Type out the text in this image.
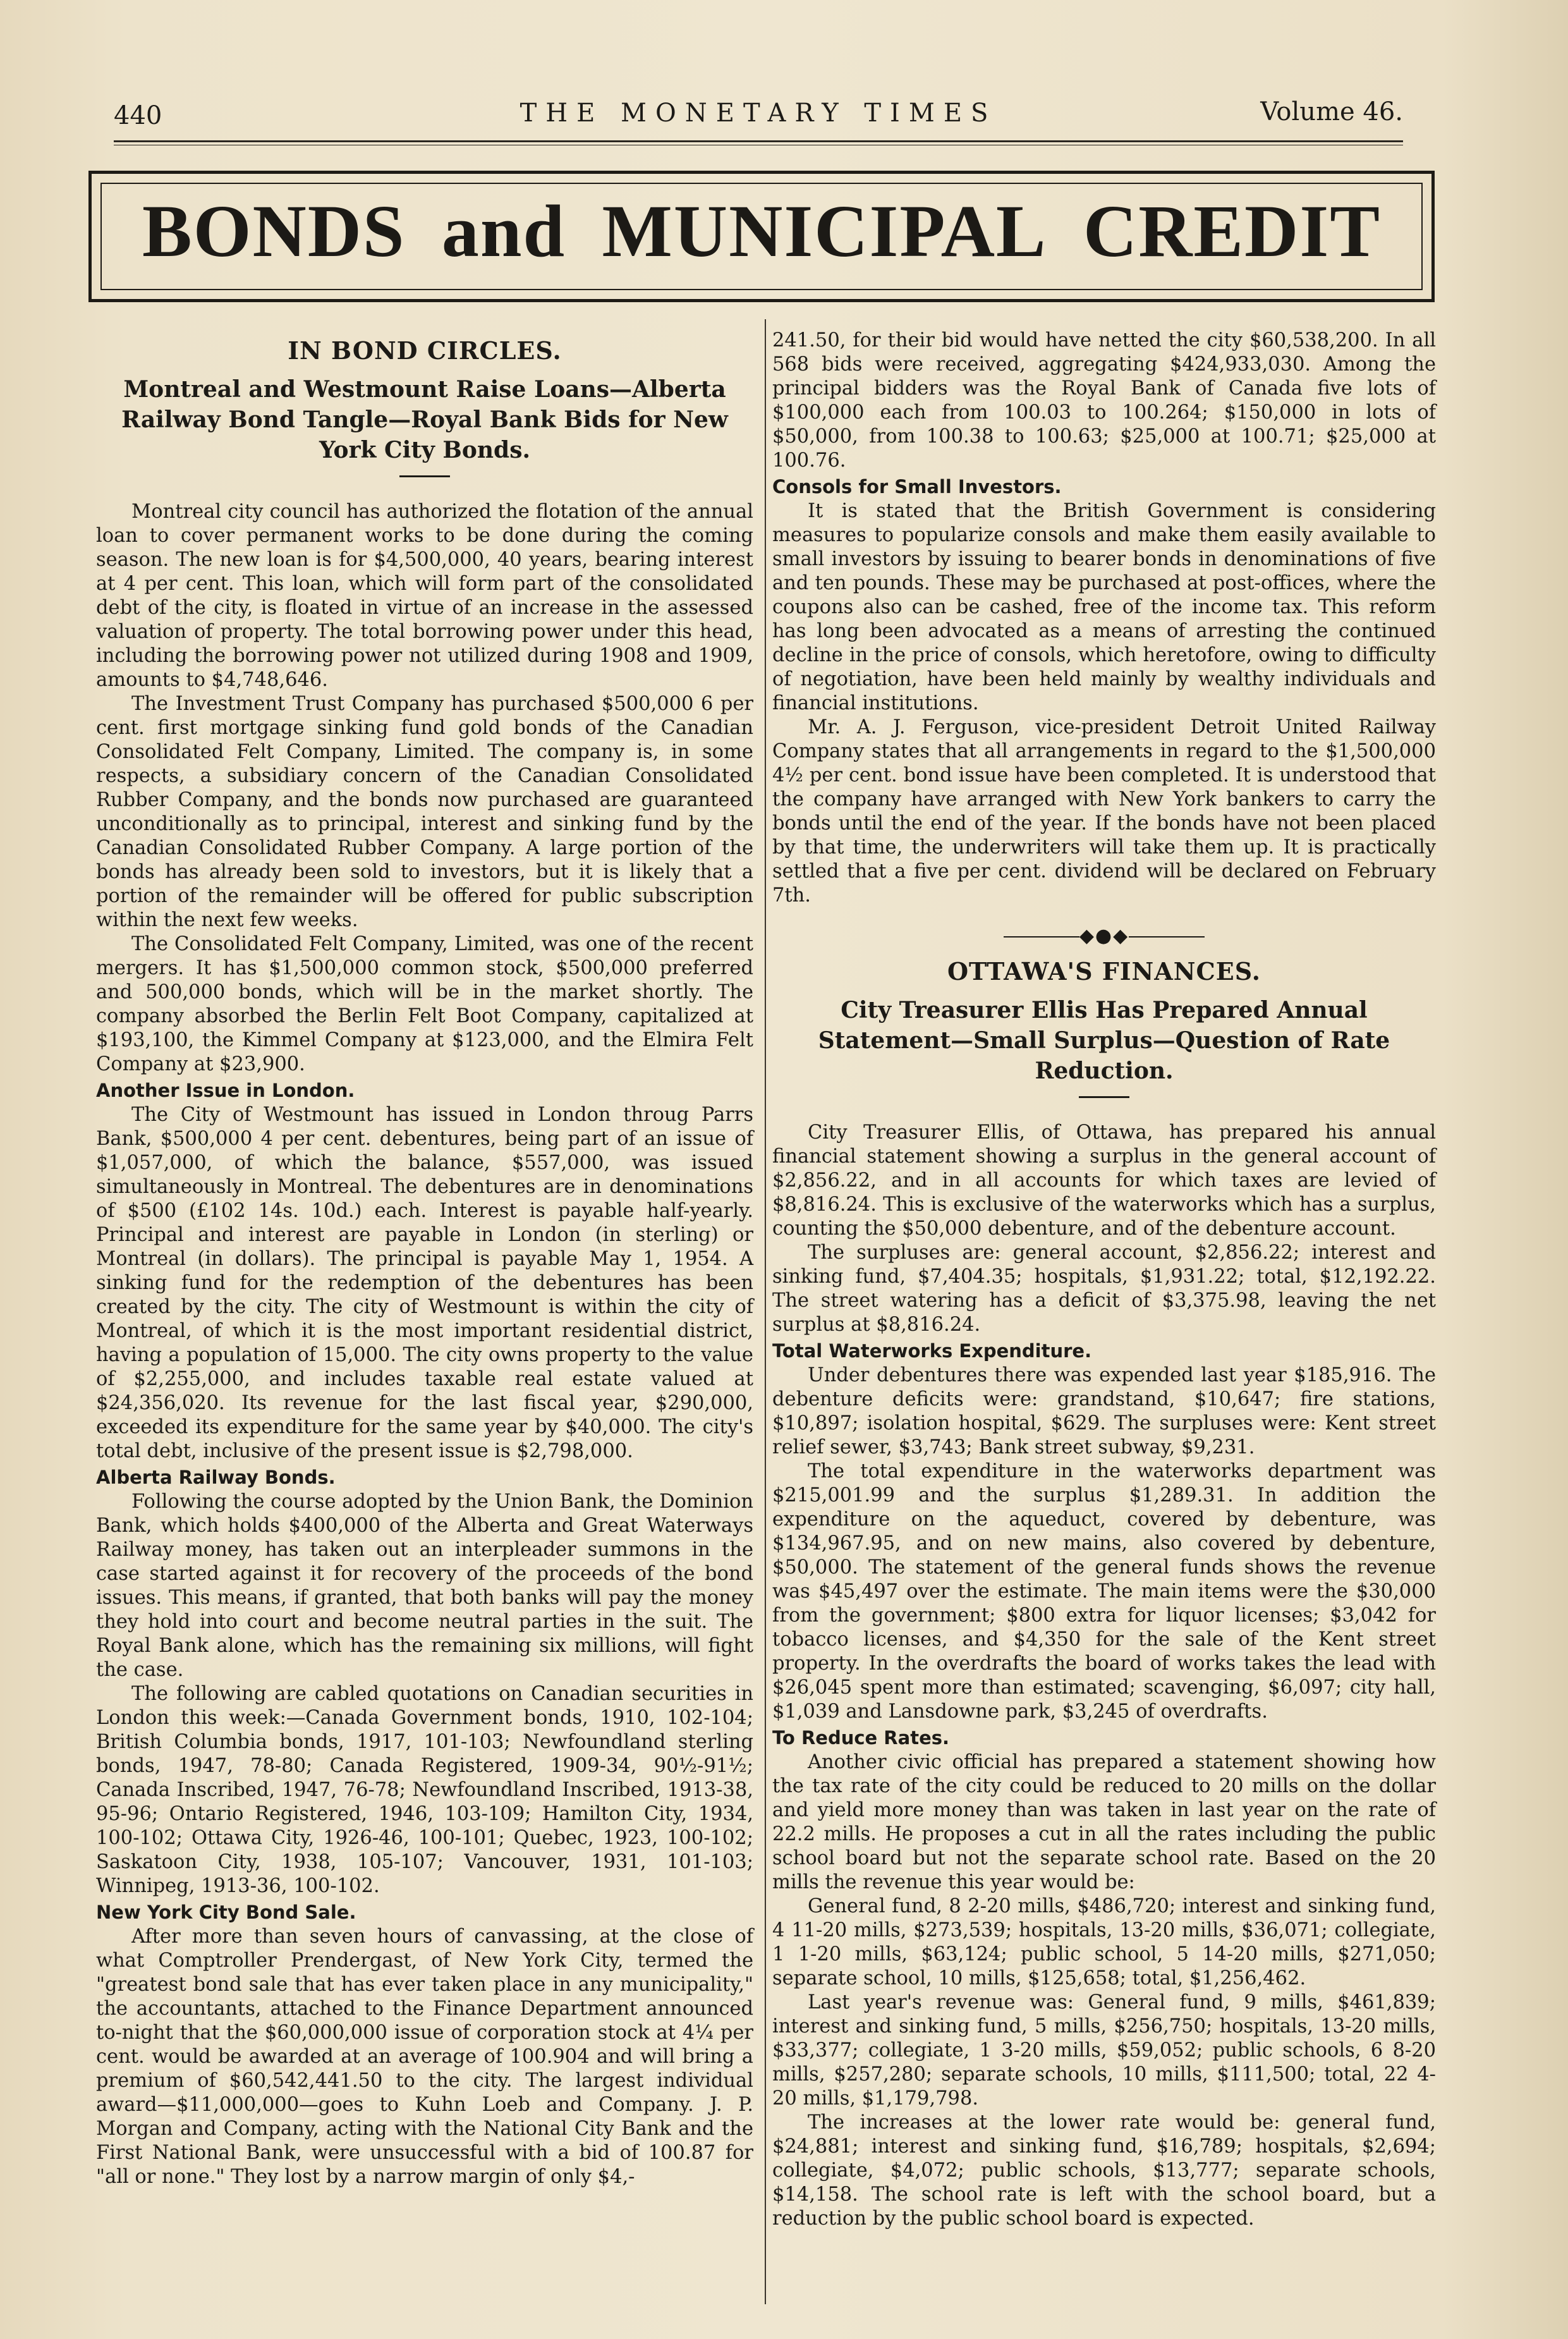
440	THE MONETARY TIMES	Volume 46.
BONDS and MUNICIPAL CREDIT
IN BOND CIRCLES.
Montreal and Westmount Raise Loans—Alberta Railway Bond Tangle—Royal Bank Bids for New York City Bonds.

Montreal city council has authorized the flotation of the annual loan to cover permanent works to be done during the coming season. The new loan is for $4,500,000, 40 years, bearing interest at 4 per cent. This loan, which will form part of the consolidated debt of the city, is floated in virtue of an increase in the assessed valuation of property. The total borrowing power under this head, including the borrowing power not utilized during 1908 and 1909, amounts to $4,748,646.

The Investment Trust Company has purchased $500,000 6 per cent. first mortgage sinking fund gold bonds of the Canadian Consolidated Felt Company, Limited. The company is, in some respects, a subsidiary concern of the Canadian Consolidated Rubber Company, and the bonds now purchased are guaranteed unconditionally as to principal, interest and sinking fund by the Canadian Consolidated Rubber Company. A large portion of the bonds has already been sold to investors, but it is likely that a portion of the remainder will be offered for public subscription within the next few weeks.

The Consolidated Felt Company, Limited, was one of the recent mergers. It has $1,500,000 common stock, $500,000 preferred and 500,000 bonds, which will be in the market shortly. The company absorbed the Berlin Felt Boot Company, capitalized at $193,100, the Kimmel Company at $123,000, and the Elmira Felt Company at $23,900.

Another Issue in London.

The City of Westmount has issued in London throug Parrs Bank, $500,000 4 per cent. debentures, being part of an issue of $1,057,000, of which the balance, $557,000, was issued simultaneously in Montreal. The debentures are in denominations of $500 (£102 14s. 10d.) each. Interest is payable half-yearly. Principal and interest are payable in London (in sterling) or Montreal (in dollars). The principal is payable May 1, 1954. A sinking fund for the redemption of the debentures has been created by the city. The city of Westmount is within the city of Montreal, of which it is the most important residential district, having a population of 15,000. The city owns property to the value of $2,255,000, and includes taxable real estate valued at $24,356,020. Its revenue for the last fiscal year, $290,000, exceeded its expenditure for the same year by $40,000. The city's total debt, inclusive of the present issue is $2,798,000.

Alberta Railway Bonds.

Following the course adopted by the Union Bank, the Dominion Bank, which holds $400,000 of the Alberta and Great Waterways Railway money, has taken out an interpleader summons in the case started against it for recovery of the proceeds of the bond issues. This means, if granted, that both banks will pay the money they hold into court and become neutral parties in the suit. The Royal Bank alone, which has the remaining six millions, will fight the case.

The following are cabled quotations on Canadian securities in London this week:—Canada Government bonds, 1910, 102-104; British Columbia bonds, 1917, 101-103; Newfoundland sterling bonds, 1947, 78-80; Canada Registered, 1909-34, 90½-91½; Canada Inscribed, 1947, 76-78; Newfoundland Inscribed, 1913-38, 95-96; Ontario Registered, 1946, 103-109; Hamilton City, 1934, 100-102; Ottawa City, 1926-46, 100-101; Quebec, 1923, 100-102; Saskatoon City, 1938, 105-107; Vancouver, 1931, 101-103; Winnipeg, 1913-36, 100-102.

New York City Bond Sale.

After more than seven hours of canvassing, at the close of what Comptroller Prendergast, of New York City, termed the "greatest bond sale that has ever taken place in any municipality," the accountants, attached to the Finance Department announced to-night that the $60,000,000 issue of corporation stock at 4¼ per cent. would be awarded at an average of 100.904 and will bring a premium of $60,542,441.50 to the city. The largest individual award—$11,000,000—goes to Kuhn Loeb and Company. J. P. Morgan and Company, acting with the National City Bank and the First National Bank, were unsuccessful with a bid of 100.87 for "all or none." They lost by a narrow margin of only $4,-

241.50, for their bid would have netted the city $60,538,200. In all 568 bids were received, aggregating $424,933,030. Among the principal bidders was the Royal Bank of Canada five lots of $100,000 each from 100.03 to 100.264; $150,000 in lots of $50,000, from 100.38 to 100.63; $25,000 at 100.71; $25,000 at 100.76.

Consols for Small Investors.

It is stated that the British Government is considering measures to popularize consols and make them easily available to small investors by issuing to bearer bonds in denominations of five and ten pounds. These may be purchased at post-offices, where the coupons also can be cashed, free of the income tax. This reform has long been advocated as a means of arresting the continued decline in the price of consols, which heretofore, owing to difficulty of negotiation, have been held mainly by wealthy individuals and financial institutions.

Mr. A. J. Ferguson, vice-president Detroit United Railway Company states that all arrangements in regard to the $1,500,000 4½ per cent. bond issue have been completed. It is understood that the company have arranged with New York bankers to carry the bonds until the end of the year. If the bonds have not been placed by that time, the underwriters will take them up. It is practically settled that a five per cent. dividend will be declared on February 7th.

◆●◆
OTTAWA'S FINANCES.
City Treasurer Ellis Has Prepared Annual Statement—Small Surplus—Question of Rate Reduction.

City Treasurer Ellis, of Ottawa, has prepared his annual financial statement showing a surplus in the general account of $2,856.22, and in all accounts for which taxes are levied of $8,816.24. This is exclusive of the waterworks which has a surplus, counting the $50,000 debenture, and of the debenture account.

The surpluses are: general account, $2,856.22; interest and sinking fund, $7,404.35; hospitals, $1,931.22; total, $12,192.22. The street watering has a deficit of $3,375.98, leaving the net surplus at $8,816.24.

Total Waterworks Expenditure.

Under debentures there was expended last year $185,916. The debenture deficits were: grandstand, $10,647; fire stations, $10,897; isolation hospital, $629. The surpluses were: Kent street relief sewer, $3,743; Bank street subway, $9,231.

The total expenditure in the waterworks department was $215,001.99 and the surplus $1,289.31. In addition the expenditure on the aqueduct, covered by debenture, was $134,967.95, and on new mains, also covered by debenture, $50,000. The statement of the general funds shows the revenue was $45,497 over the estimate. The main items were the $30,000 from the government; $800 extra for liquor licenses; $3,042 for tobacco licenses, and $4,350 for the sale of the Kent street property. In the overdrafts the board of works takes the lead with $26,045 spent more than estimated; scavenging, $6,097; city hall, $1,039 and Lansdowne park, $3,245 of overdrafts.

To Reduce Rates.

Another civic official has prepared a statement showing how the tax rate of the city could be reduced to 20 mills on the dollar and yield more money than was taken in last year on the rate of 22.2 mills. He proposes a cut in all the rates including the public school board but not the separate school rate. Based on the 20 mills the revenue this year would be:

General fund, 8 2-20 mills, $486,720; interest and sinking fund, 4 11-20 mills, $273,539; hospitals, 13-20 mills, $36,071; collegiate, 1 1-20 mills, $63,124; public school, 5 14-20 mills, $271,050; separate school, 10 mills, $125,658; total, $1,256,462.

Last year's revenue was: General fund, 9 mills, $461,839; interest and sinking fund, 5 mills, $256,750; hospitals, 13-20 mills, $33,377; collegiate, 1 3-20 mills, $59,052; public schools, 6 8-20 mills, $257,280; separate schools, 10 mills, $111,500; total, 22 4-20 mills, $1,179,798.

The increases at the lower rate would be: general fund, $24,881; interest and sinking fund, $16,789; hospitals, $2,694; collegiate, $4,072; public schools, $13,777; separate schools, $14,158. The school rate is left with the school board, but a reduction by the public school board is expected.
